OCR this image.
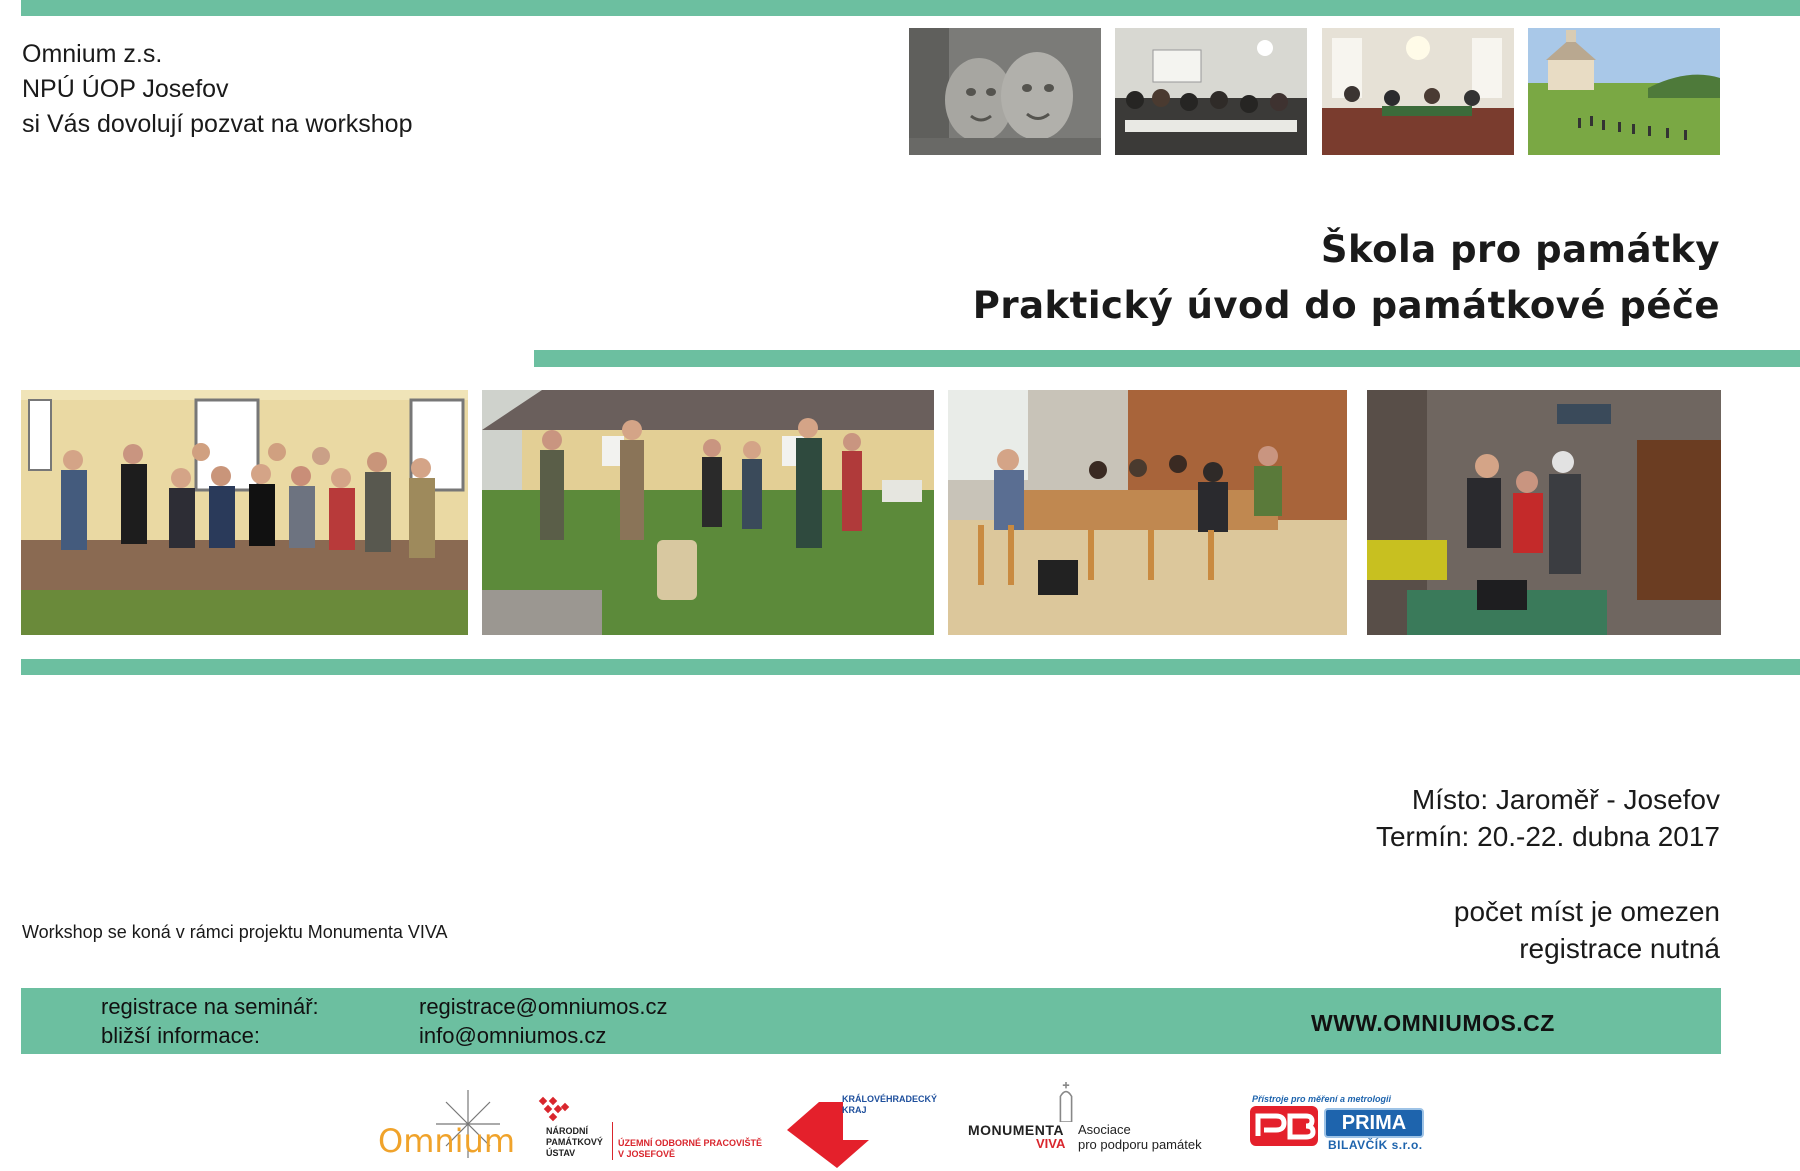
Omnium z.s.
NPÚ ÚOP Josefov
si Vás dovolují pozvat na workshop
Škola pro památky
Praktický úvod do památkové péče
Místo: Jaroměř - Josefov
Termín: 20.-22. dubna 2017
počet míst je omezen
registrace nutná
Workshop se koná v rámci projektu Monumenta VIVA
registrace na seminář:	registrace@omniumos.cz
bližší informace:	info@omniumos.cz	WWW.OMNIUMOS.CZ
Omnium	NÁRODNÍ
PAMÁTKOVÝ
ÚSTAV
ÚZEMNÍ ODBORNÉ PRACOVIŠTĚ
V JOSEFOVĚ
KRÁLOVÉHRADECKÝ
KRAJ
MONUMENTA
VIVA
Asociace
pro podporu památek
Přístroje pro měření a metrologii
PRIMA
BILAVČÍK s.r.o.
